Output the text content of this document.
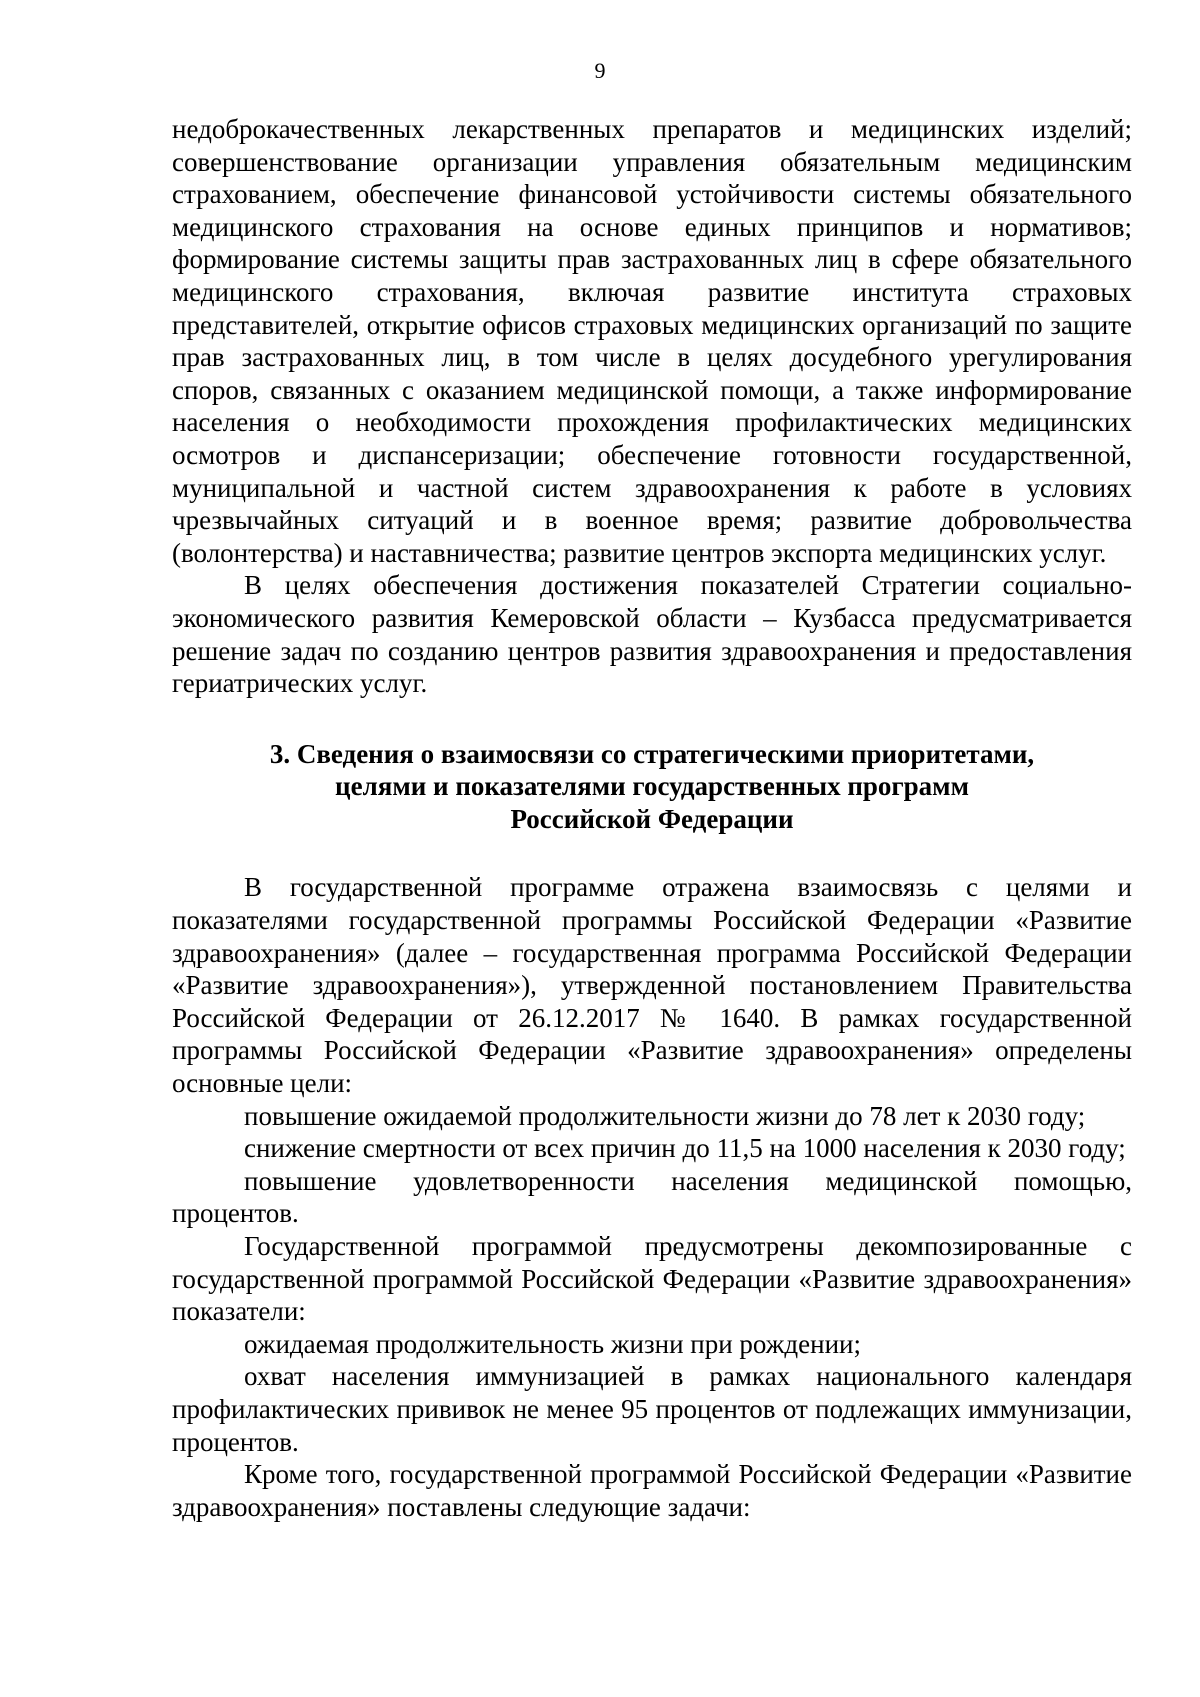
9

недоброкачественных лекарственных препаратов и медицинских изделий; совершенствование организации управления обязательным медицинским страхованием, обеспечение финансовой устойчивости системы обязательного медицинского страхования на основе единых принципов и нормативов; формирование системы защиты прав застрахованных лиц в сфере обязательного медицинского страхования, включая развитие института страховых представителей, открытие офисов страховых медицинских организаций по защите прав застрахованных лиц, в том числе в целях досудебного урегулирования споров, связанных с оказанием медицинской помощи, а также информирование населения о необходимости прохождения профилактических медицинских осмотров и диспансеризации; обеспечение готовности государственной, муниципальной и частной систем здравоохранения к работе в условиях чрезвычайных ситуаций и в военное время; развитие добровольчества (волонтерства) и наставничества; развитие центров экспорта медицинских услуг.

В целях обеспечения достижения показателей Стратегии социально-экономического развития Кемеровской области – Кузбасса предусматривается решение задач по созданию центров развития здравоохранения и предоставления гериатрических услуг.

3. Сведения о взаимосвязи со стратегическими приоритетами,
целями и показателями государственных программ
Российской Федерации

В государственной программе отражена взаимосвязь с целями и показателями государственной программы Российской Федерации «Развитие здравоохранения» (далее – государственная программа Российской Федерации «Развитие здравоохранения»), утвержденной постановлением Правительства Российской Федерации от 26.12.2017 № 1640. В рамках государственной программы Российской Федерации «Развитие здравоохранения» определены основные цели:

повышение ожидаемой продолжительности жизни до 78 лет к 2030 году;

снижение смертности от всех причин до 11,5 на 1000 населения к 2030 году;

повышение удовлетворенности населения медицинской помощью, процентов.

Государственной программой предусмотрены декомпозированные с государственной программой Российской Федерации «Развитие здравоохранения» показатели:

ожидаемая продолжительность жизни при рождении;

охват населения иммунизацией в рамках национального календаря профилактических прививок не менее 95 процентов от подлежащих иммунизации, процентов.

Кроме того, государственной программой Российской Федерации «Развитие здравоохранения» поставлены следующие задачи:
